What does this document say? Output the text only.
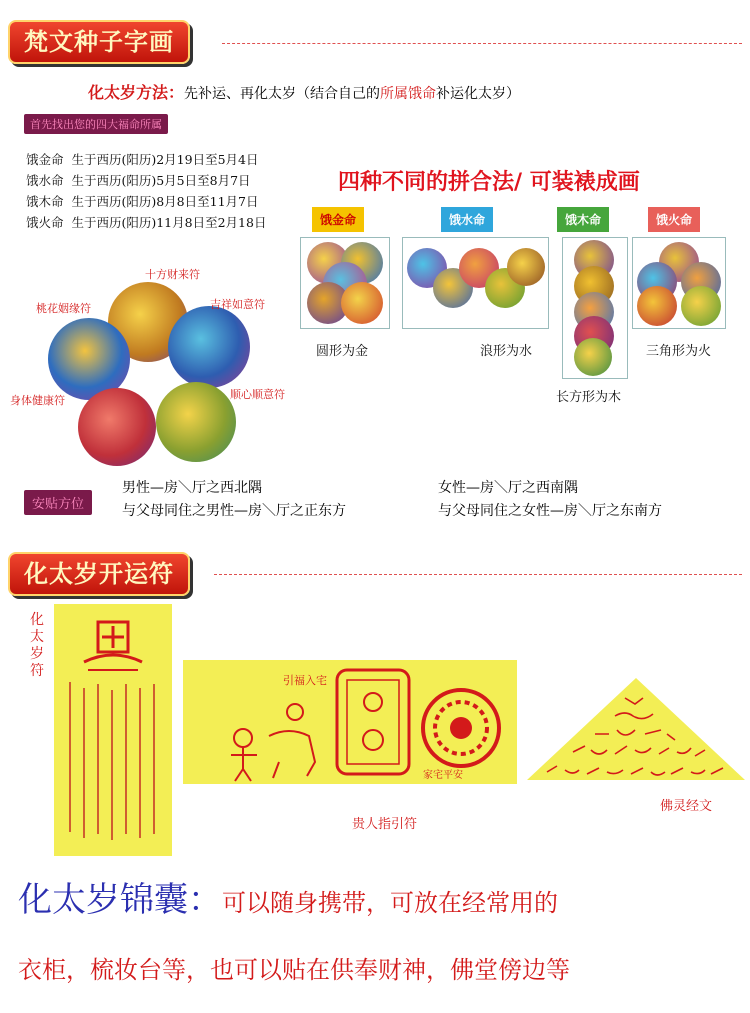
梵文种子字画
化太岁方法：先补运、再化太岁（结合自己的所属饿命补运化太岁）
首先找出您的四大福命所属
饿金命 生于西历(阳历)2月19日至5月4日
饿水命 生于西历(阳历)5月5日至8月7日
饿木命 生于西历(阳历)8月8日至11月7日
饿火命 生于西历(阳历)11月8日至2月18日
四种不同的拼合法/ 可装裱成画
饿金命	饿水命	饿木命	饿火命
圆形为金	浪形为水
长方形为木
三角形为火
十方财来符
桃花姻缘符	吉祥如意符
身体健康符	顺心顺意符
安贴方位
男性—房＼厅之西北隅
与父母同住之男性—房＼厅之正东方
女性—房＼厅之西南隅
与父母同住之女性—房＼厅之东南方
化太岁开运符
化太岁符
引福入宅
家宅平安
贵人指引符
佛灵经文
化太岁锦囊：可以随身携带，可放在经常用的
衣柜，梳妆台等，也可以贴在供奉财神，佛堂傍边等
